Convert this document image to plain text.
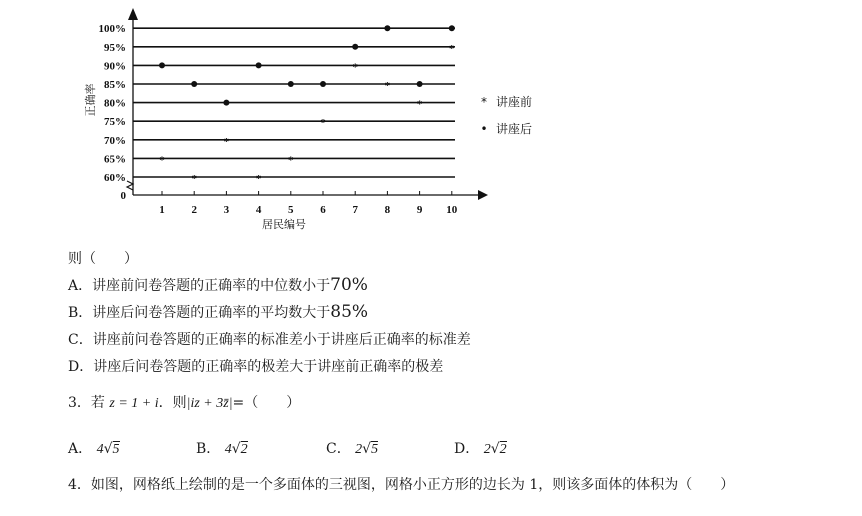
0
60%
65%
70%
75%
80%
85%
90%
95%
100%
1 2 3 4 5 6 7 8 9 10
*
*
*
*
*
*
*
*
*
*
正确率
居民编号
* 讲座前
• 讲座后
则（　　）
A．讲座前问卷答题的正确率的中位数小于70%
B．讲座后问卷答题的正确率的平均数大于85%
C．讲座前问卷答题的正确率的标准差小于讲座后正确率的标准差
D．讲座后问卷答题的正确率的极差大于讲座前正确率的极差
3．若 z = 1 + i．则|iz + 3z̄|=（　　）
A． 4√5	B． 4√2	C． 2√5	D． 2√2
4．如图，网格纸上绘制的是一个多面体的三视图，网格小正方形的边长为 1，则该多面体的体积为（　　）
